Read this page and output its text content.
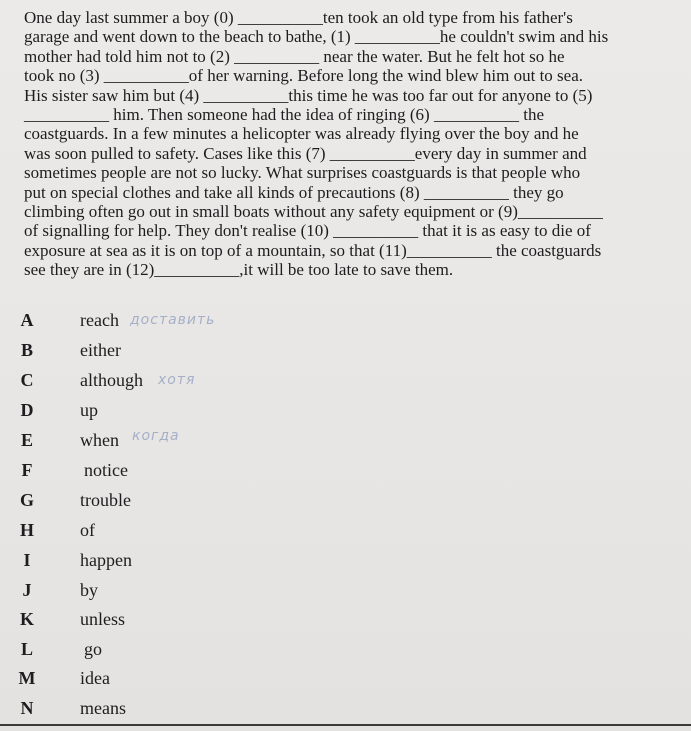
One day last summer a boy (0) __________ten took an old type from his father's
garage and went down to the beach to bathe, (1) __________he couldn't swim and his
mother had told him not to (2) __________ near the water. But he felt hot so he
took no (3) __________of her warning. Before long the wind blew him out to sea.
His sister saw him but (4) __________this time he was too far out for anyone to (5)
__________ him. Then someone had the idea of ringing (6) __________ the
coastguards. In a few minutes a helicopter was already flying over the boy and he
was soon pulled to safety. Cases like this (7) __________every day in summer and
sometimes people are not so lucky. What surprises coastguards is that people who
put on special clothes and take all kinds of precautions (8) __________ they go
climbing often go out in small boats without any safety equipment or (9)__________
of signalling for help. They don't realise (10) __________ that it is as easy to die of
exposure at sea as it is on top of a mountain, so that (11)__________ the coastguards
see they are in (12)__________,it will be too late to save them.
A	reach доставить
B	either
C	although хотя
D	up
E	when когда
F	notice
G	trouble
H	of
I	happen
J	by
K	unless
L	go
M	idea
N	means
